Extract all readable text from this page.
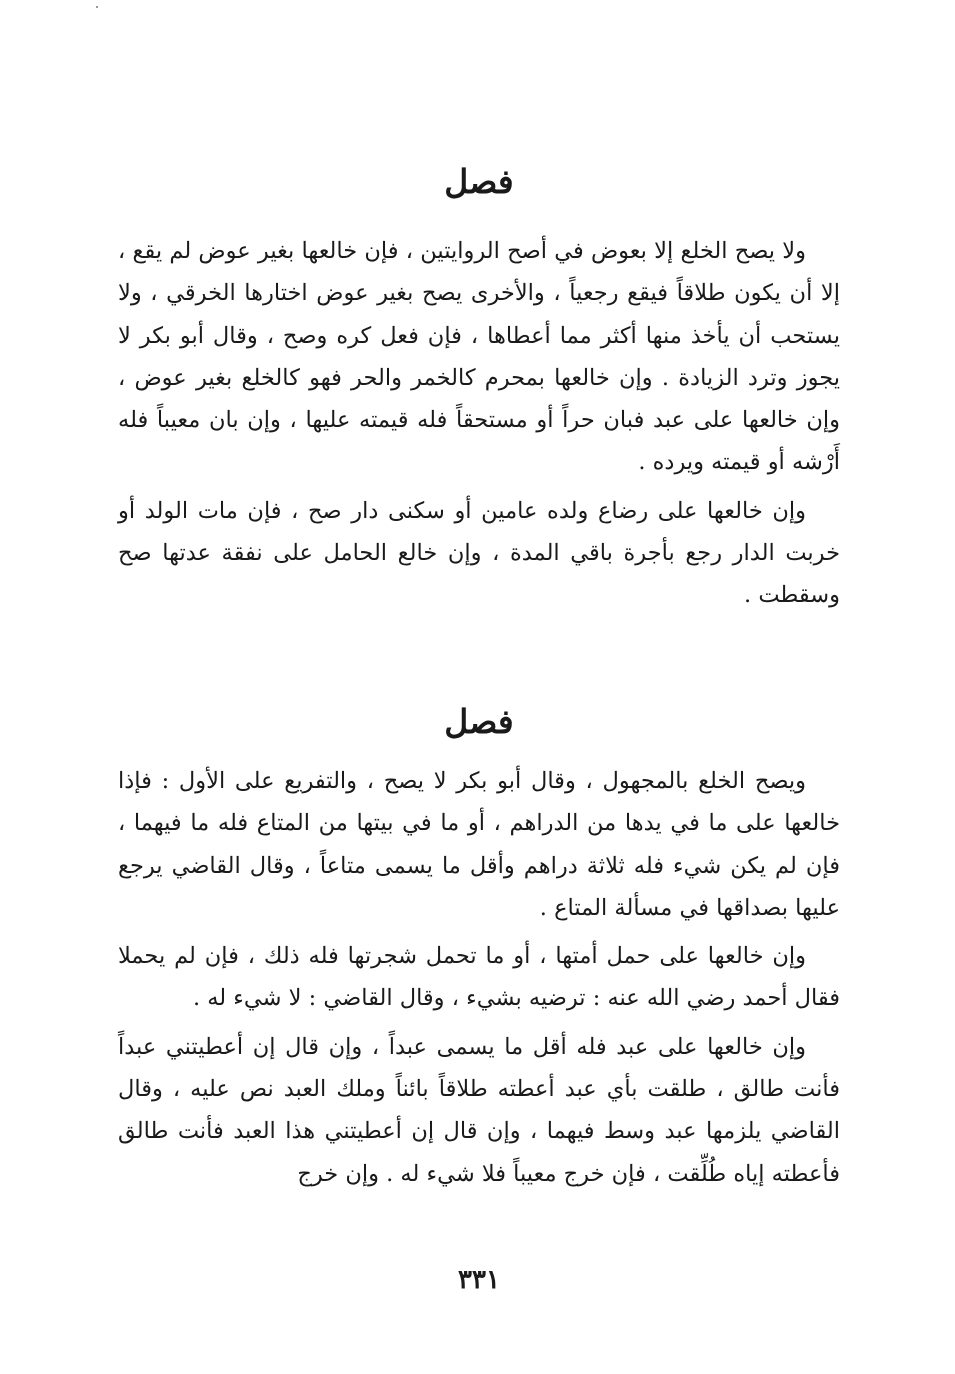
فصل

ولا يصح الخلع إلا بعوض في أصح الروايتين ، فإن خالعها بغير عوض لم يقع ، إلا أن يكون طلاقاً فيقع رجعياً ، والأخرى يصح بغير عوض اختارها الخرقي ، ولا يستحب أن يأخذ منها أكثر مما أعطاها ، فإن فعل كره وصح ، وقال أبو بكر لا يجوز وترد الزيادة . وإن خالعها بمحرم كالخمر والحر فهو كالخلع بغير عوض ، وإن خالعها على عبد فبان حراً أو مستحقاً فله قيمته عليها ، وإن بان معيباً فله أَرْشه أو قيمته ويرده .

وإن خالعها على رضاع ولده عامين أو سكنى دار صح ، فإن مات الولد أو خربت الدار رجع بأجرة باقي المدة ، وإن خالع الحامل على نفقة عدتها صح وسقطت .

فصل

ويصح الخلع بالمجهول ، وقال أبو بكر لا يصح ، والتفريع على الأول : فإذا خالعها على ما في يدها من الدراهم ، أو ما في بيتها من المتاع فله ما فيهما ، فإن لم يكن شيء فله ثلاثة دراهم وأقل ما يسمى متاعاً ، وقال القاضي يرجع عليها بصداقها في مسألة المتاع .

وإن خالعها على حمل أمتها ، أو ما تحمل شجرتها فله ذلك ، فإن لم يحملا فقال أحمد رضي الله عنه : ترضيه بشيء ، وقال القاضي : لا شيء له .

وإن خالعها على عبد فله أقل ما يسمى عبداً ، وإن قال إن أعطيتني عبداً فأنت طالق ، طلقت بأي عبد أعطته طلاقاً بائناً وملك العبد نص عليه ، وقال القاضي يلزمها عبد وسط فيهما ، وإن قال إن أعطيتني هذا العبد فأنت طالق فأعطته إياه طُلِّقت ، فإن خرج معيباً فلا شيء له . وإن خرج

٣٣١
